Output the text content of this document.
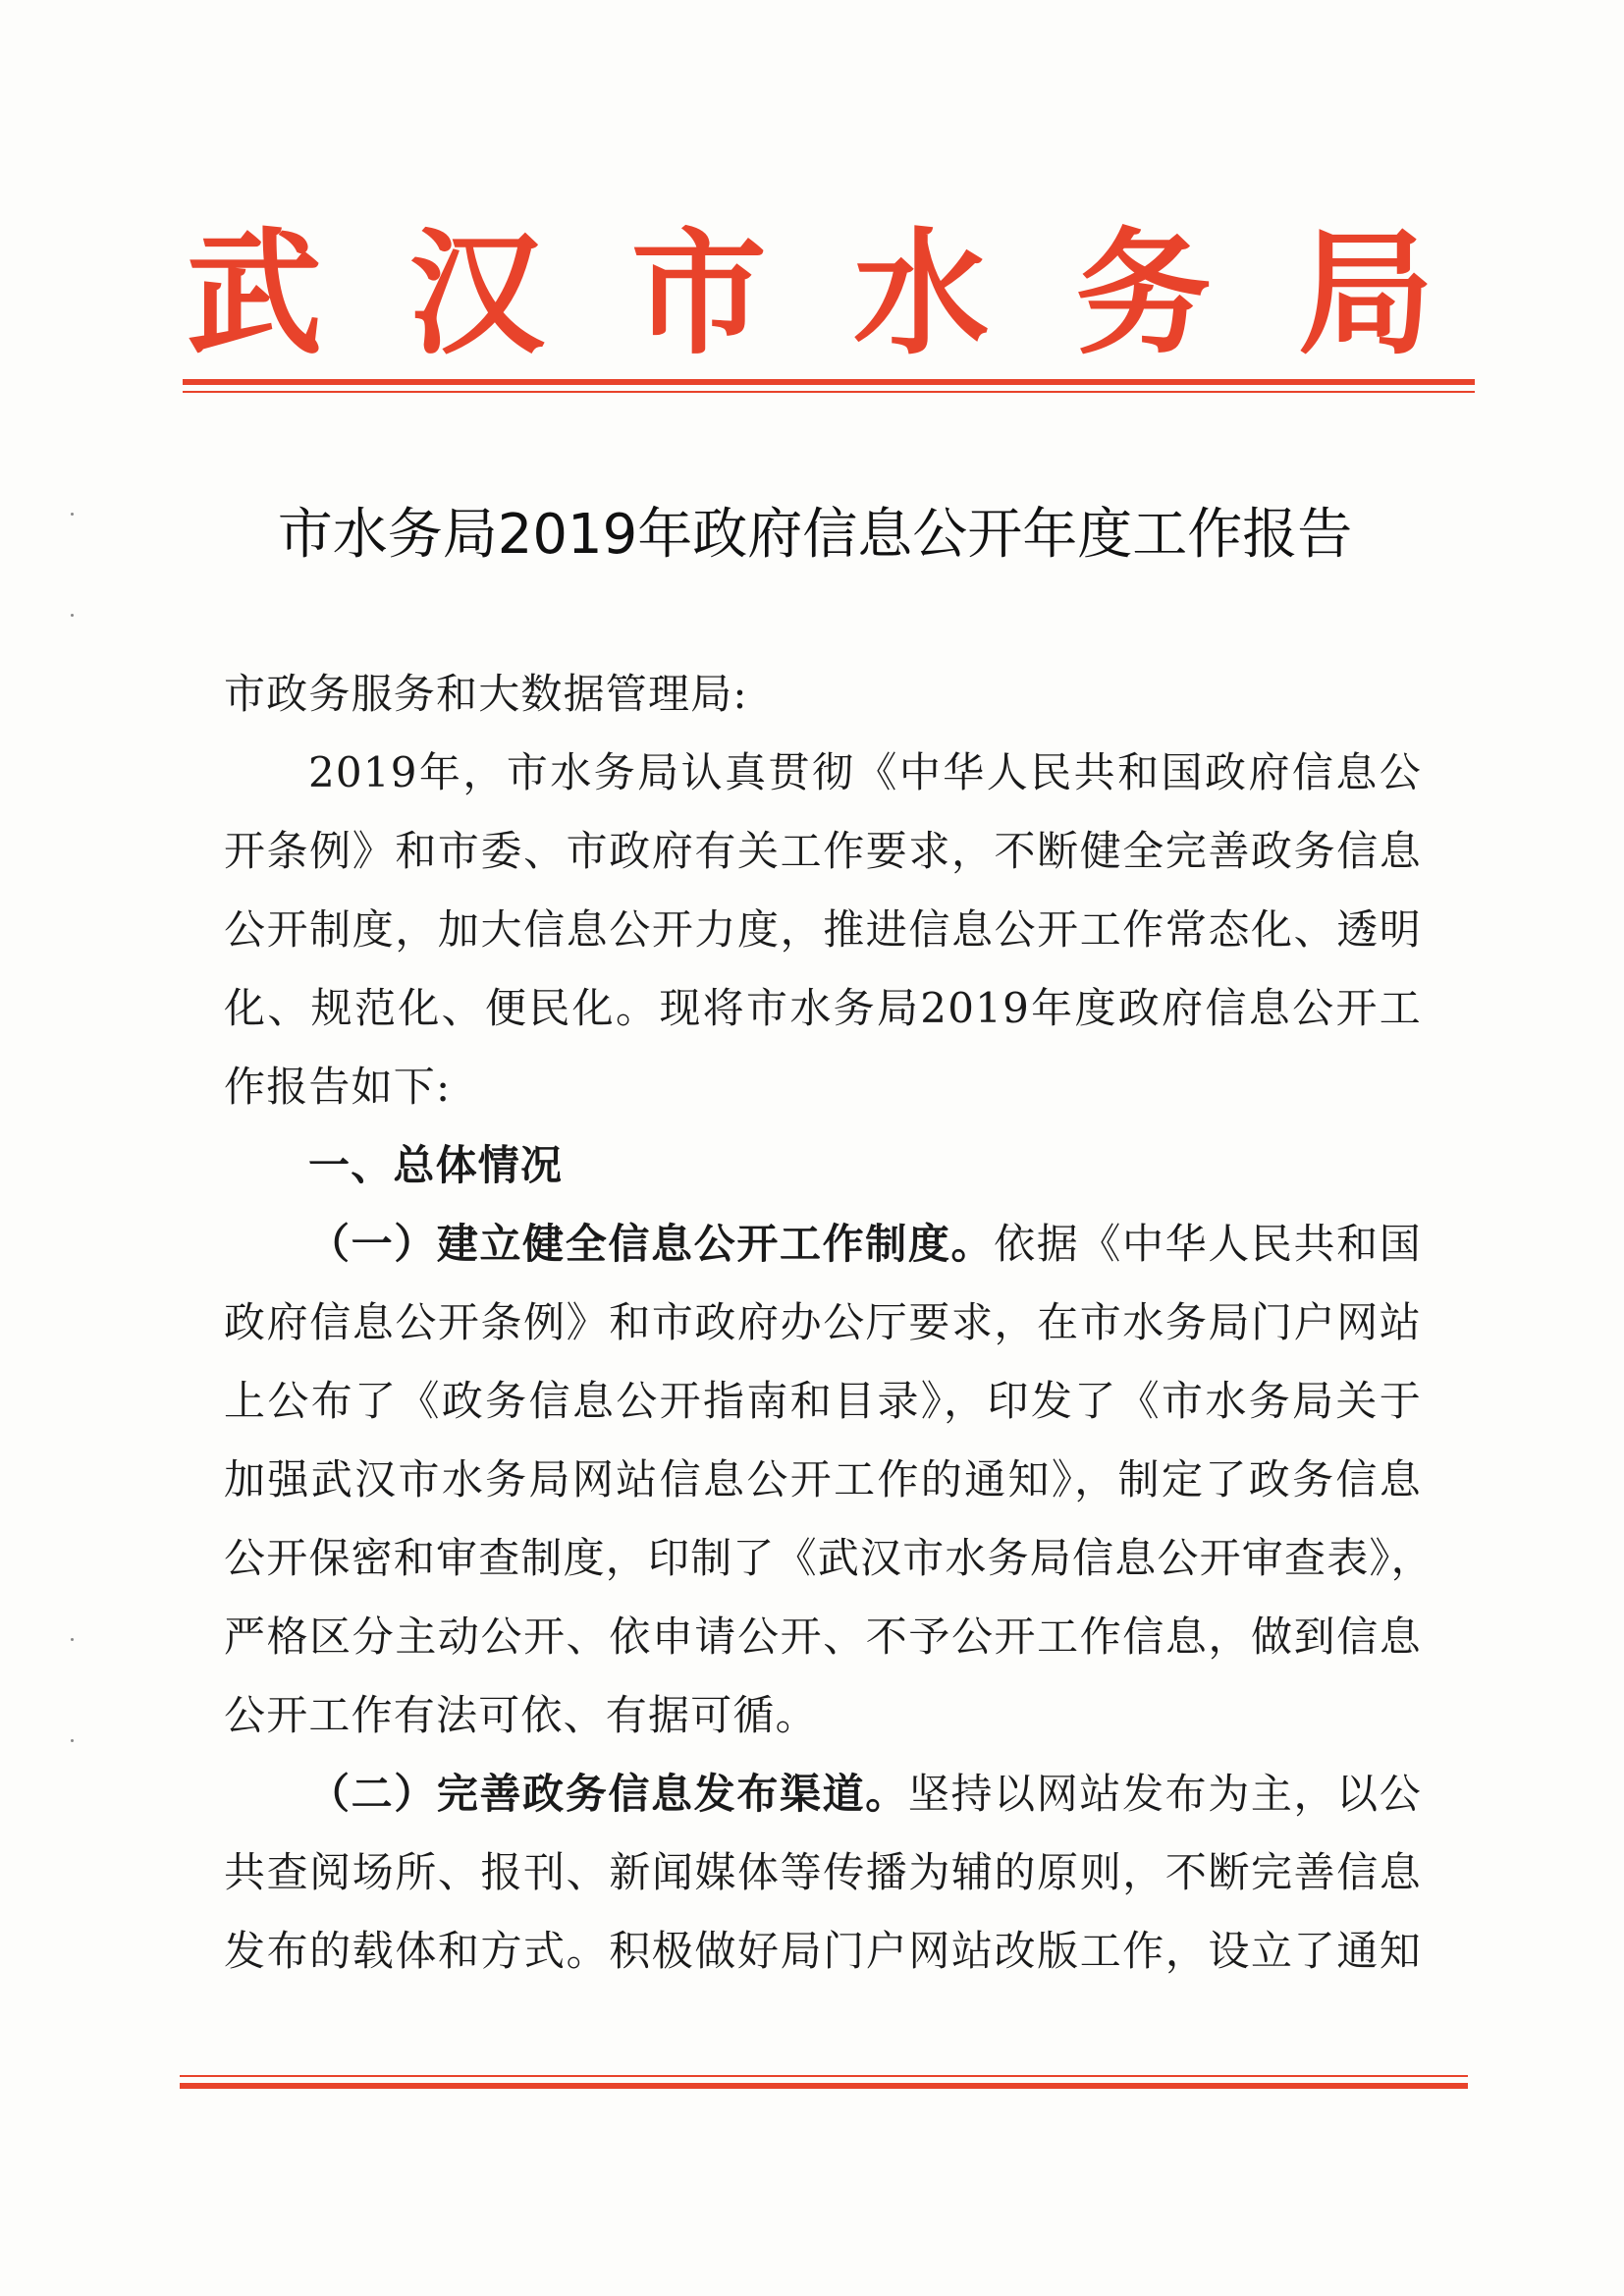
武 汉 市 水 务 局
市水务局2019年政府信息公开年度工作报告
市政务服务和大数据管理局:
2019年，市水务局认真贯彻《中华人民共和国政府信息公
开条例》和市委、市政府有关工作要求，不断健全完善政务信息
公开制度，加大信息公开力度，推进信息公开工作常态化、透明
化、规范化、便民化。现将市水务局2019年度政府信息公开工
作报告如下:
一、总体情况
（一）建立健全信息公开工作制度。依据《中华人民共和国
政府信息公开条例》和市政府办公厅要求，在市水务局门户网站
上公布了《政务信息公开指南和目录》，印发了《市水务局关于
加强武汉市水务局网站信息公开工作的通知》，制定了政务信息
公开保密和审查制度，印制了《武汉市水务局信息公开审查表》，
严格区分主动公开、依申请公开、不予公开工作信息，做到信息
公开工作有法可依、有据可循。
（二）完善政务信息发布渠道。坚持以网站发布为主，以公
共查阅场所、报刊、新闻媒体等传播为辅的原则，不断完善信息
发布的载体和方式。积极做好局门户网站改版工作，设立了通知
